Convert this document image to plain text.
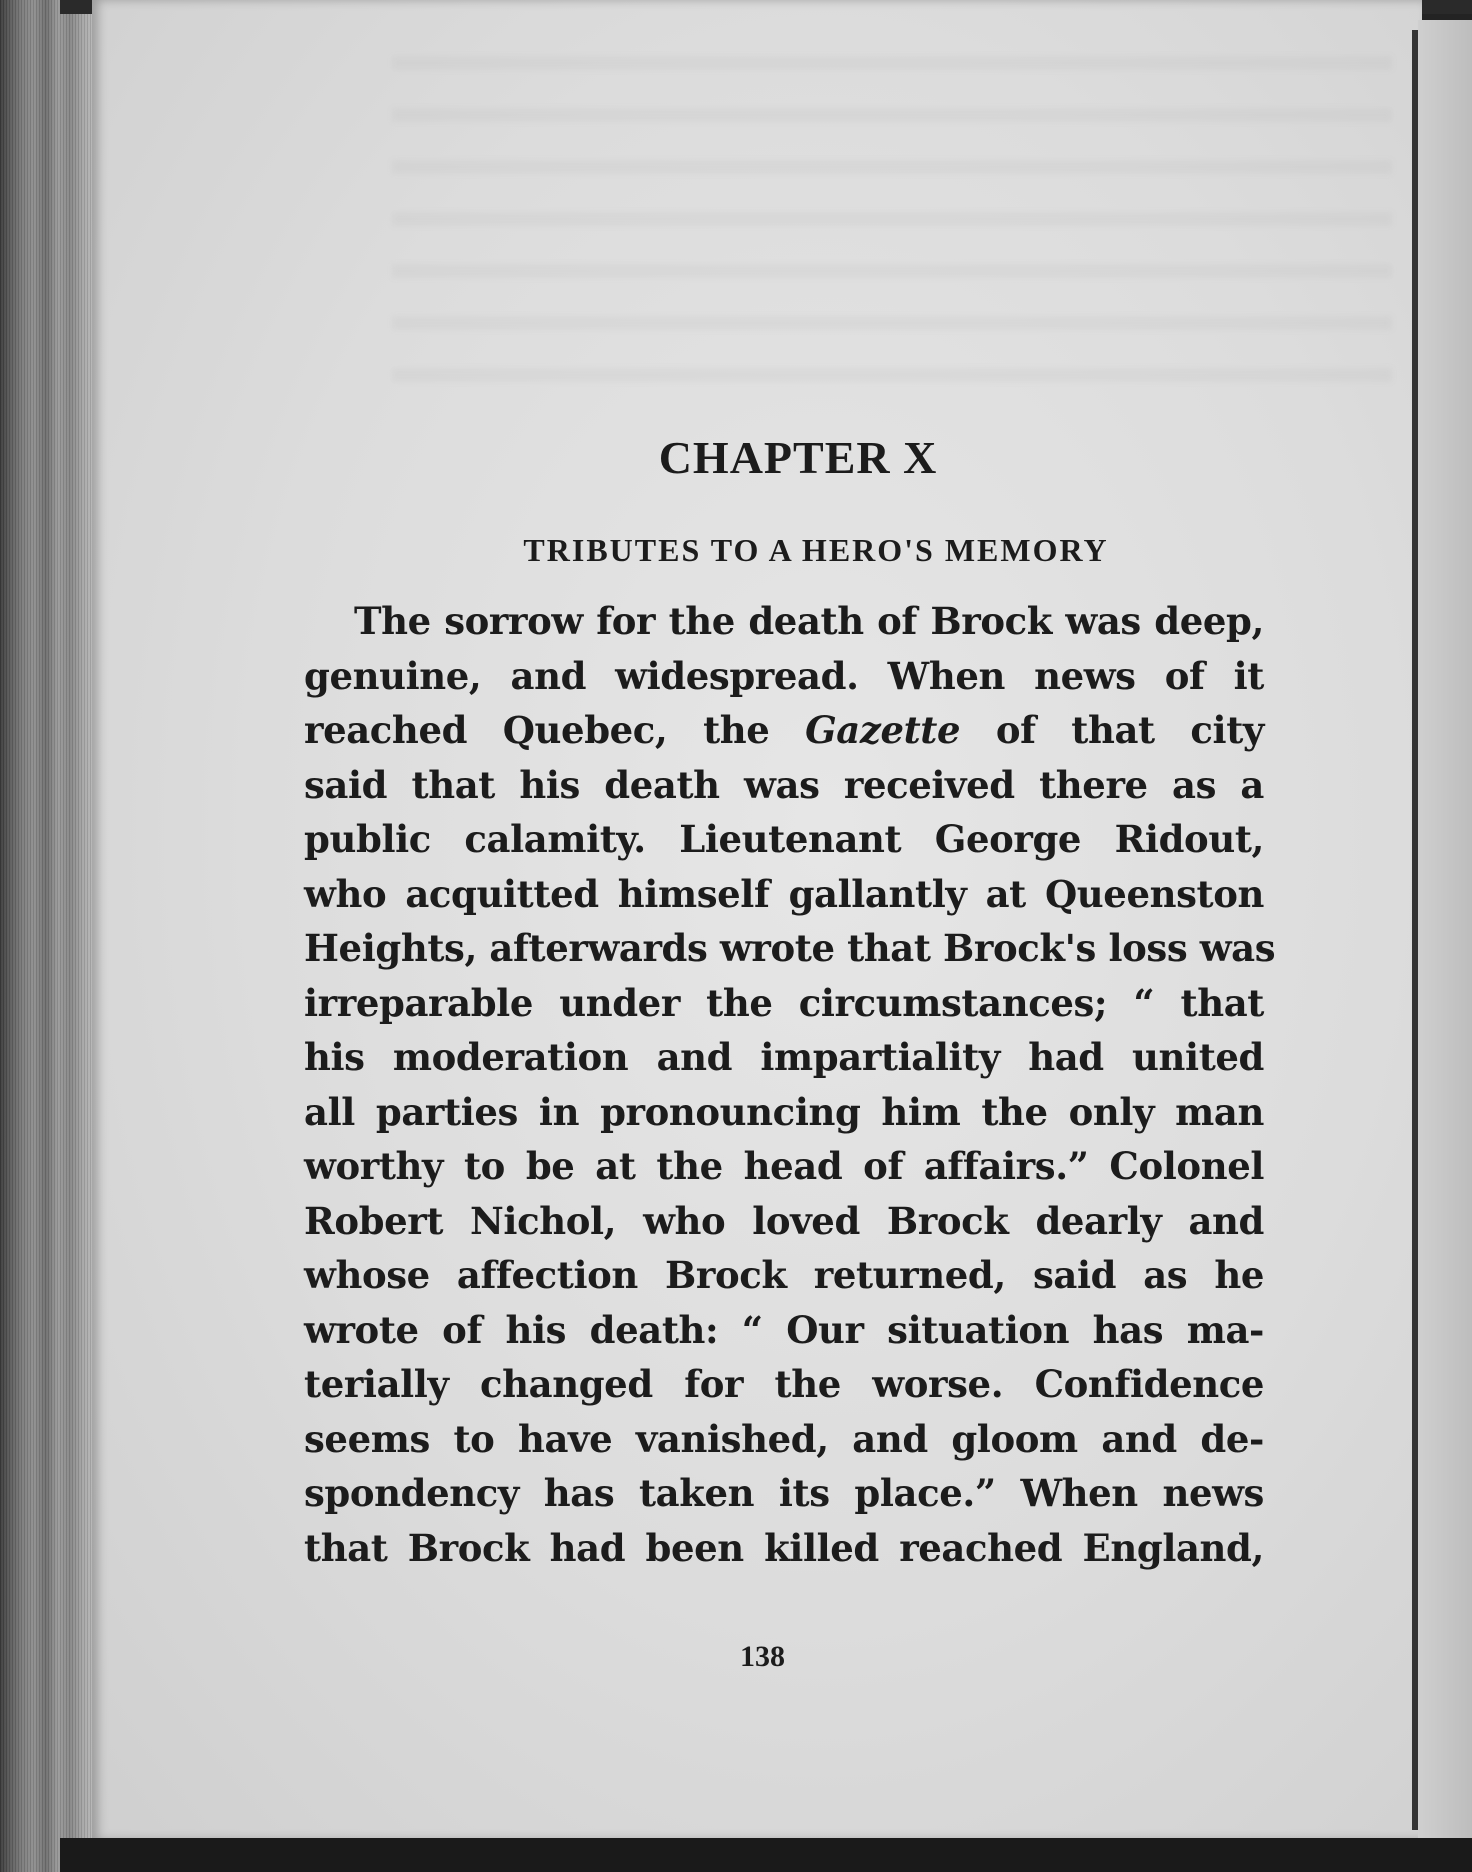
CHAPTER X
TRIBUTES TO A HERO'S MEMORY
The sorrow for the death of Brock was deep,
genuine, and widespread. When news of it
reached Quebec, the Gazette of that city
said that his death was received there as a
public calamity. Lieutenant George Ridout,
who acquitted himself gallantly at Queenston
Heights, afterwards wrote that Brock's loss was
irreparable under the circumstances; “ that
his moderation and impartiality had united
all parties in pronouncing him the only man
worthy to be at the head of affairs.” Colonel
Robert Nichol, who loved Brock dearly and
whose affection Brock returned, said as he
wrote of his death: “ Our situation has ma-
terially changed for the worse. Confidence
seems to have vanished, and gloom and de-
spondency has taken its place.” When news
that Brock had been killed reached England,
138
